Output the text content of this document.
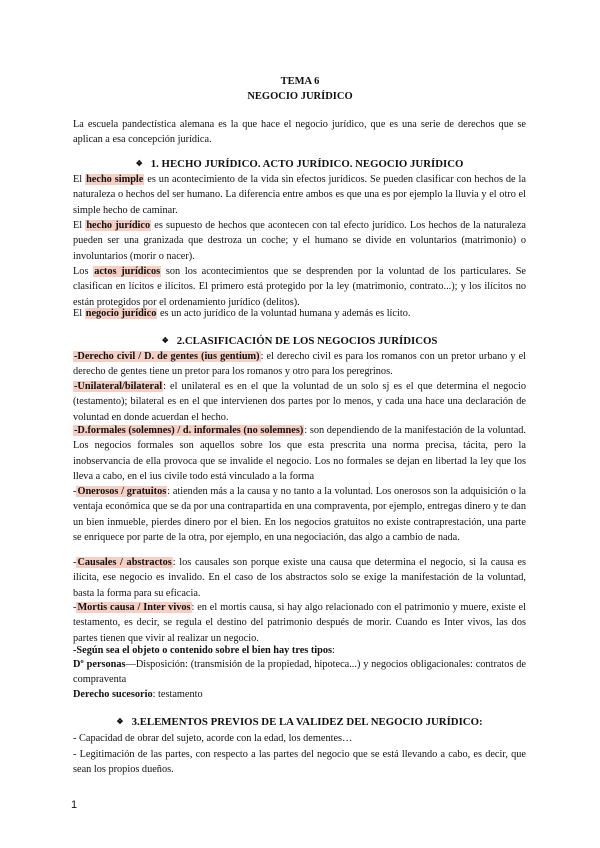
TEMA 6
NEGOCIO JURÍDICO

La escuela pandectística alemana es la que hace el negocio jurídico, que es una serie de derechos que se aplican a esa concepción jurídica.

❖ 1. HECHO JURÍDICO. ACTO JURÍDICO. NEGOCIO JURÍDICO

El hecho simple es un acontecimiento de la vida sin efectos jurídicos. Se pueden clasificar con hechos de la naturaleza o hechos del ser humano. La diferencia entre ambos es que una es por ejemplo la lluvia y el otro el simple hecho de caminar.

El hecho jurídico es supuesto de hechos que acontecen con tal efecto jurídico. Los hechos de la naturaleza pueden ser una granizada que destroza un coche; y el humano se divide en voluntarios (matrimonio) o involuntarios (morir o nacer).

Los actos jurídicos son los acontecimientos que se desprenden por la voluntad de los particulares. Se clasifican en lícitos e ilícitos. El primero está protegido por la ley (matrimonio, contrato...); y los ilícitos no están protegidos por el ordenamiento jurídico (delitos).

El negocio jurídico es un acto jurídico de la voluntad humana y además es lícito.

❖ 2.CLASIFICACIÓN DE LOS NEGOCIOS JURÍDICOS

-Derecho civil / D. de gentes (ius gentium): el derecho civil es para los romanos con un pretor urbano y el derecho de gentes tiene un pretor para los romanos y otro para los peregrinos.

-Unilateral/bilateral: el unilateral es en el que la voluntad de un solo sj es el que determina el negocio (testamento); bilateral es en el que intervienen dos partes por lo menos, y cada una hace una declaración de voluntad en donde acuerdan el hecho.

-D.formales (solemnes) / d. informales (no solemnes): son dependiendo de la manifestación de la voluntad. Los negocios formales son aquellos sobre los que esta prescrita una norma precisa, tácita, pero la inobservancia de ella provoca que se invalide el negocio. Los no formales se dejan en libertad la ley que los lleva a cabo, en el ius civile todo está vinculado a la forma

-Onerosos / gratuitos: atienden más a la causa y no tanto a la voluntad. Los onerosos son la adquisición o la ventaja económica que se da por una contrapartida en una compraventa, por ejemplo, entregas dinero y te dan un bien inmueble, pierdes dinero por el bien. En los negocios gratuitos no existe contraprestación, una parte se enriquece por parte de la otra, por ejemplo, en una negociación, das algo a cambio de nada.

-Causales / abstractos: los causales son porque existe una causa que determina el negocio, si la causa es ilícita, ese negocio es invalido. En el caso de los abstractos solo se exige la manifestación de la voluntad, basta la forma para su eficacia.

-Mortis causa / Inter vivos: en el mortis causa, si hay algo relacionado con el patrimonio y muere, existe el testamento, es decir, se regula el destino del patrimonio después de morir. Cuando es Inter vivos, las dos partes tienen que vivir al realizar un negocio.

-Según sea el objeto o contenido sobre el bien hay tres tipos:

Dº personas—Disposición: (transmisión de la propiedad, hipoteca...) y negocios obligacionales: contratos de compraventa

Derecho sucesorio: testamento

❖ 3.ELEMENTOS PREVIOS DE LA VALIDEZ DEL NEGOCIO JURÍDICO:

- Capacidad de obrar del sujeto, acorde con la edad, los dementes…

- Legitimación de las partes, con respecto a las partes del negocio que se está llevando a cabo, es decir, que sean los propios dueños.

1
